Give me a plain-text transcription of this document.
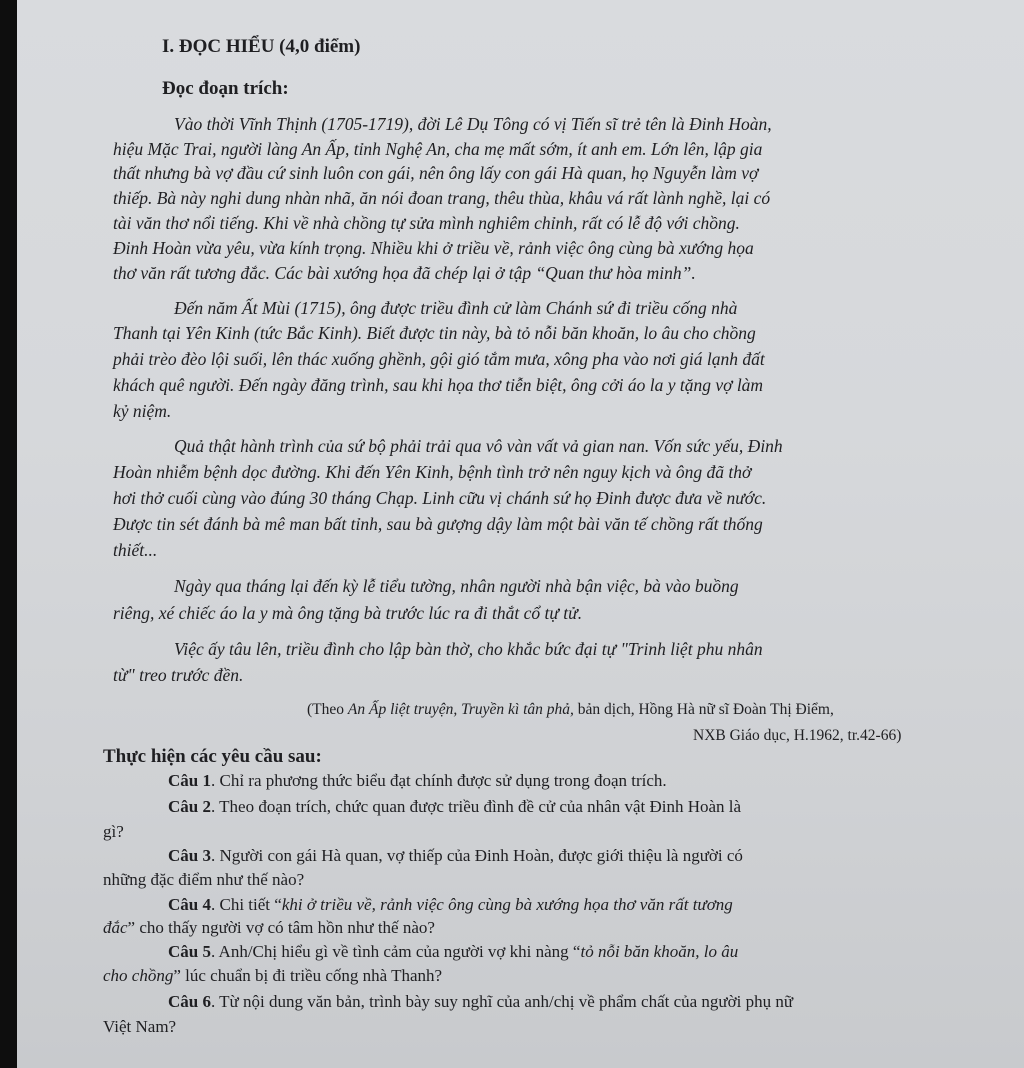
I. ĐỌC HIỂU (4,0 điểm)
Đọc đoạn trích:
Vào thời Vĩnh Thịnh (1705-1719), đời Lê Dụ Tông có vị Tiến sĩ trẻ tên là Đinh Hoàn,
hiệu Mặc Trai, người làng An Ấp, tỉnh Nghệ An, cha mẹ mất sớm, ít anh em. Lớn lên, lập gia
thất nhưng bà vợ đầu cứ sinh luôn con gái, nên ông lấy con gái Hà quan, họ Nguyễn làm vợ
thiếp. Bà này nghi dung nhàn nhã, ăn nói đoan trang, thêu thùa, khâu vá rất lành nghề, lại có
tài văn thơ nổi tiếng. Khi về nhà chồng tự sửa mình nghiêm chỉnh, rất có lễ độ với chồng.
Đinh Hoàn vừa yêu, vừa kính trọng. Nhiều khi ở triều về, rảnh việc ông cùng bà xướng họa
thơ văn rất tương đắc. Các bài xướng họa đã chép lại ở tập “Quan thư hòa minh”.
Đến năm Ất Mùi (1715), ông được triều đình cử làm Chánh sứ đi triều cống nhà
Thanh tại Yên Kinh (tức Bắc Kinh). Biết được tin này, bà tỏ nỗi băn khoăn, lo âu cho chồng
phải trèo đèo lội suối, lên thác xuống ghềnh, gội gió tắm mưa, xông pha vào nơi giá lạnh đất
khách quê người. Đến ngày đăng trình, sau khi họa thơ tiễn biệt, ông cởi áo la y tặng vợ làm
kỷ niệm.
Quả thật hành trình của sứ bộ phải trải qua vô vàn vất vả gian nan. Vốn sức yếu, Đinh
Hoàn nhiễm bệnh dọc đường. Khi đến Yên Kinh, bệnh tình trở nên nguy kịch và ông đã thở
hơi thở cuối cùng vào đúng 30 tháng Chạp. Linh cữu vị chánh sứ họ Đinh được đưa về nước.
Được tin sét đánh bà mê man bất tỉnh, sau bà gượng dậy làm một bài văn tế chồng rất thống
thiết...
Ngày qua tháng lại đến kỳ lễ tiểu tường, nhân người nhà bận việc, bà vào buồng
riêng, xé chiếc áo la y mà ông tặng bà trước lúc ra đi thắt cổ tự tử.
Việc ấy tâu lên, triều đình cho lập bàn thờ, cho khắc bức đại tự "Trinh liệt phu nhân
từ" treo trước đền.
(Theo An Ấp liệt truyện, Truyền kì tân phả, bản dịch, Hồng Hà nữ sĩ Đoàn Thị Điểm,
NXB Giáo dục, H.1962, tr.42-66)
Thực hiện các yêu cầu sau:
Câu 1. Chỉ ra phương thức biểu đạt chính được sử dụng trong đoạn trích.
Câu 2. Theo đoạn trích, chức quan được triều đình đề cử của nhân vật Đinh Hoàn là
gì?
Câu 3. Người con gái Hà quan, vợ thiếp của Đinh Hoàn, được giới thiệu là người có
những đặc điểm như thế nào?
Câu 4. Chi tiết “khi ở triều về, rảnh việc ông cùng bà xướng họa thơ văn rất tương
đắc” cho thấy người vợ có tâm hồn như thế nào?
Câu 5. Anh/Chị hiểu gì về tình cảm của người vợ khi nàng “tỏ nỗi băn khoăn, lo âu
cho chồng” lúc chuẩn bị đi triều cống nhà Thanh?
Câu 6. Từ nội dung văn bản, trình bày suy nghĩ của anh/chị về phẩm chất của người phụ nữ
Việt Nam?
